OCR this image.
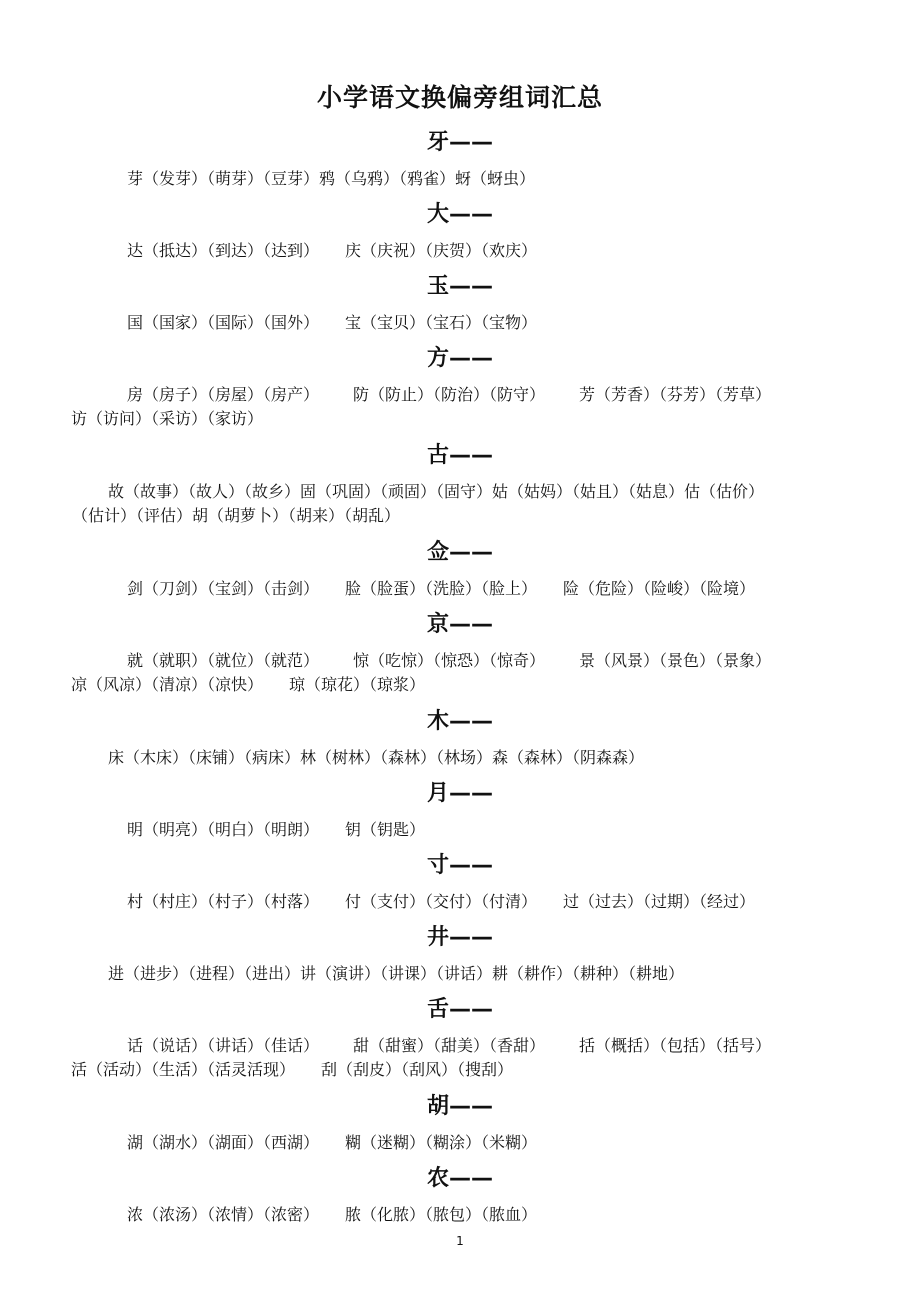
小学语文换偏旁组词汇总
牙——
芽（发芽）（萌芽）（豆芽）鸦（乌鸦）（鸦雀）蚜（蚜虫）
大——
达（抵达）（到达）（达到） 庆（庆祝）（庆贺）（欢庆）
玉——
国（国家）（国际）（国外） 宝（宝贝）（宝石）（宝物）
方——
房（房子）（房屋）（房产） 防（防止）（防治）（防守） 芳（芳香）（芬芳）（芳草）
访（访问）（采访）（家访）
古——
故（故事）（故人）（故乡）固（巩固）（顽固）（固守）姑（姑妈）（姑且）（姑息）估（估价）
（估计）（评估）胡（胡萝卜）（胡来）（胡乱）
佥——
剑（刀剑）（宝剑）（击剑） 脸（脸蛋）（洗脸）（脸上） 险（危险）（险峻）（险境）
京——
就（就职）（就位）（就范） 惊（吃惊）（惊恐）（惊奇） 景（风景）（景色）（景象）
凉（风凉）（清凉）（凉快） 琼（琼花）（琼浆）
木——
床（木床）（床铺）（病床）林（树林）（森林）（林场）森（森林）（阴森森）
月——
明（明亮）（明白）（明朗） 钥（钥匙）
寸——
村（村庄）（村子）（村落） 付（支付）（交付）（付清） 过（过去）（过期）（经过）
井——
进（进步）（进程）（进出）讲（演讲）（讲课）（讲话）耕（耕作）（耕种）（耕地）
舌——
话（说话）（讲话）（佳话） 甜（甜蜜）（甜美）（香甜） 括（概括）（包括）（括号）
活（活动）（生活）（活灵活现） 刮（刮皮）（刮风）（搜刮）
胡——
湖（湖水）（湖面）（西湖） 糊（迷糊）（糊涂）（米糊）
农——
浓（浓汤）（浓情）（浓密） 脓（化脓）（脓包）（脓血）
1
